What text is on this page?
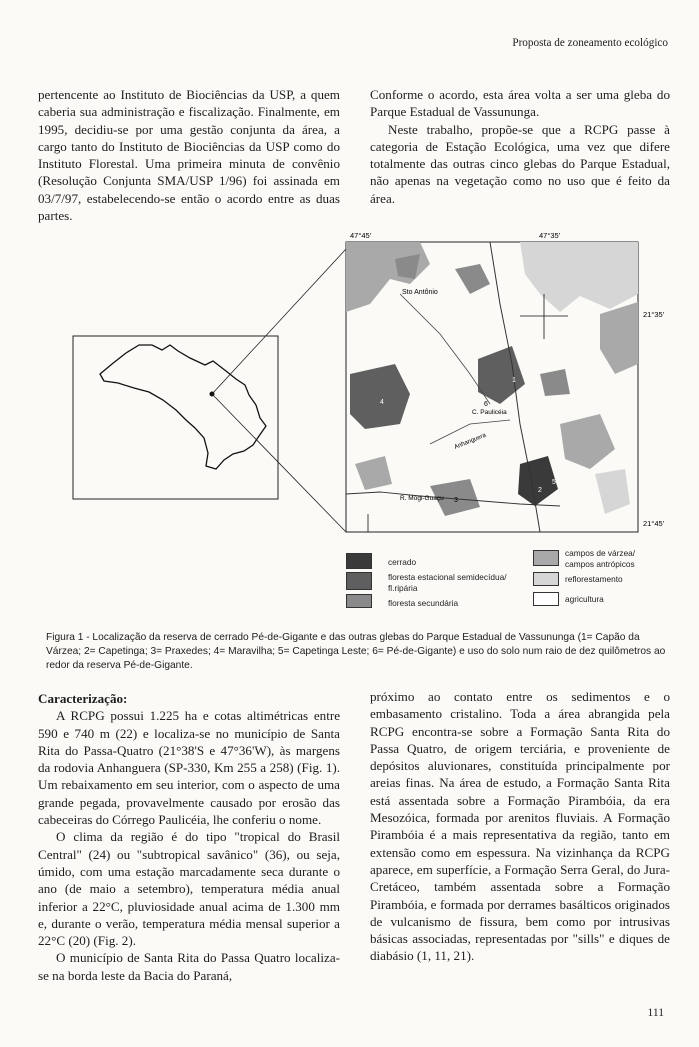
Proposta de zoneamento ecológico

pertencente ao Instituto de Biociências da USP, a quem caberia sua administração e fiscalização. Finalmente, em 1995, decidiu-se por uma gestão conjunta da área, a cargo tanto do Instituto de Biociências da USP como do Instituto Florestal. Uma primeira minuta de convênio (Resolução Conjunta SMA/USP 1/96) foi assinada em 03/7/97, estabelecendo-se então o acordo entre as duas partes.

Conforme o acordo, esta área volta a ser uma gleba do Parque Estadual de Vassununga.

Neste trabalho, propõe-se que a RCPG passe à categoria de Estação Ecológica, uma vez que difere totalmente das outras cinco glebas do Parque Estadual, não apenas na vegetação como no uso que é feito da área.

47°45'	47°35'
21°35'
21°45'
Sto Antônio
C. Paulicéia
R. Mogi-Guaçu
Anhanguera
1
2
3
4
5
6
cerrado
floresta estacional semidecídua/
fl.ripária
floresta secundária
campos de várzea/
campos antrópicos
reflorestamento
agricultura
Figura 1 - Localização da reserva de cerrado Pé-de-Gigante e das outras glebas do Parque Estadual de Vassununga (1= Capão da Várzea; 2= Capetinga; 3= Praxedes; 4= Maravilha; 5= Capetinga Leste; 6= Pé-de-Gigante) e uso do solo num raio de dez quilômetros ao redor da reserva Pé-de-Gigante.

Caracterização:

A RCPG possui 1.225 ha e cotas altimétricas entre 590 e 740 m (22) e localiza-se no município de Santa Rita do Passa-Quatro (21°38'S e 47°36'W), às margens da rodovia Anhanguera (SP-330, Km 255 a 258) (Fig. 1). Um rebaixamento em seu interior, com o aspecto de uma grande pegada, provavelmente causado por erosão das cabeceiras do Córrego Paulicéia, lhe conferiu o nome.

O clima da região é do tipo "tropical do Brasil Central" (24) ou "subtropical savânico" (36), ou seja, úmido, com uma estação marcadamente seca durante o ano (de maio a setembro), temperatura média anual inferior a 22°C, pluviosidade anual acima de 1.300 mm e, durante o verão, temperatura média mensal superior a 22°C (20) (Fig. 2).

O município de Santa Rita do Passa Quatro localiza-se na borda leste da Bacia do Paraná,

próximo ao contato entre os sedimentos e o embasamento cristalino. Toda a área abrangida pela RCPG encontra-se sobre a Formação Santa Rita do Passa Quatro, de origem terciária, e proveniente de depósitos aluvionares, constituída principalmente por areias finas. Na área de estudo, a Formação Santa Rita está assentada sobre a Formação Pirambóia, da era Mesozóica, formada por arenitos fluviais. A Formação Pirambóia é a mais representativa da região, tanto em extensão como em espessura. Na vizinhança da RCPG aparece, em superfície, a Formação Serra Geral, do Jura-Cretáceo, também assentada sobre a Formação Pirambóia, e formada por derrames basálticos originados de vulcanismo de fissura, bem como por intrusivas básicas associadas, representadas por "sills" e diques de diabásio (1, 11, 21).

111
